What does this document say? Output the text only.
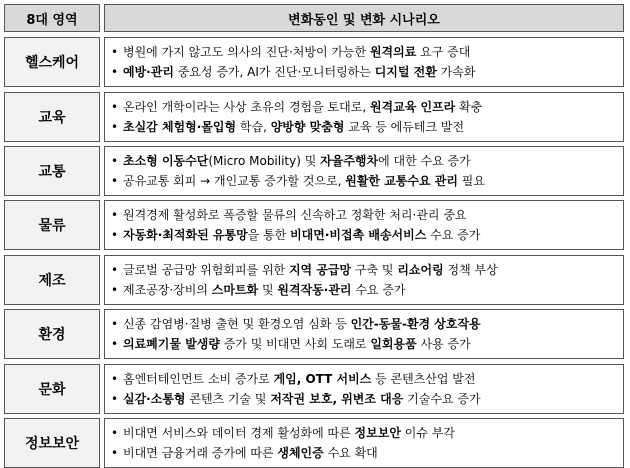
8대 영역	변화동인 및 변화 시나리오
헬스케어
• 병원에 가지 않고도 의사의 진단·처방이 가능한 원격의료 요구 증대
• 예방·관리 중요성 증가, AI가 진단·모니터링하는 디지털 전환 가속화
교육
• 온라인 개학이라는 사상 초유의 경험을 토대로, 원격교육 인프라 확충
• 초실감 체험형·몰입형 학습, 양방향 맞춤형 교육 등 에듀테크 발전
교통
• 초소형 이동수단(Micro Mobility) 및 자율주행차에 대한 수요 증가
• 공유교통 회피 → 개인교통 증가할 것으로, 원활한 교통수요 관리 필요
물류
• 원격경제 활성화로 폭증할 물류의 신속하고 정확한 처리·관리 중요
• 자동화·최적화된 유통망을 통한 비대면·비접촉 배송서비스 수요 증가
제조
• 글로벌 공급망 위험회피를 위한 지역 공급망 구축 및 리쇼어링 정책 부상
• 제조공장·장비의 스마트화 및 원격작동·관리 수요 증가
환경
• 신종 감염병·질병 출현 및 환경오염 심화 등 인간-동물-환경 상호작용
• 의료폐기물 발생량 증가 및 비대면 사회 도래로 일회용품 사용 증가
문화
• 홈엔터테인먼트 소비 증가로 게임, OTT 서비스 등 콘텐츠산업 발전
• 실감·소통형 콘텐츠 기술 및 저작권 보호, 위변조 대응 기술수요 증가
정보보안
• 비대면 서비스와 데이터 경제 활성화에 따른 정보보안 이슈 부각
• 비대면 금융거래 증가에 따른 생체인증 수요 확대
